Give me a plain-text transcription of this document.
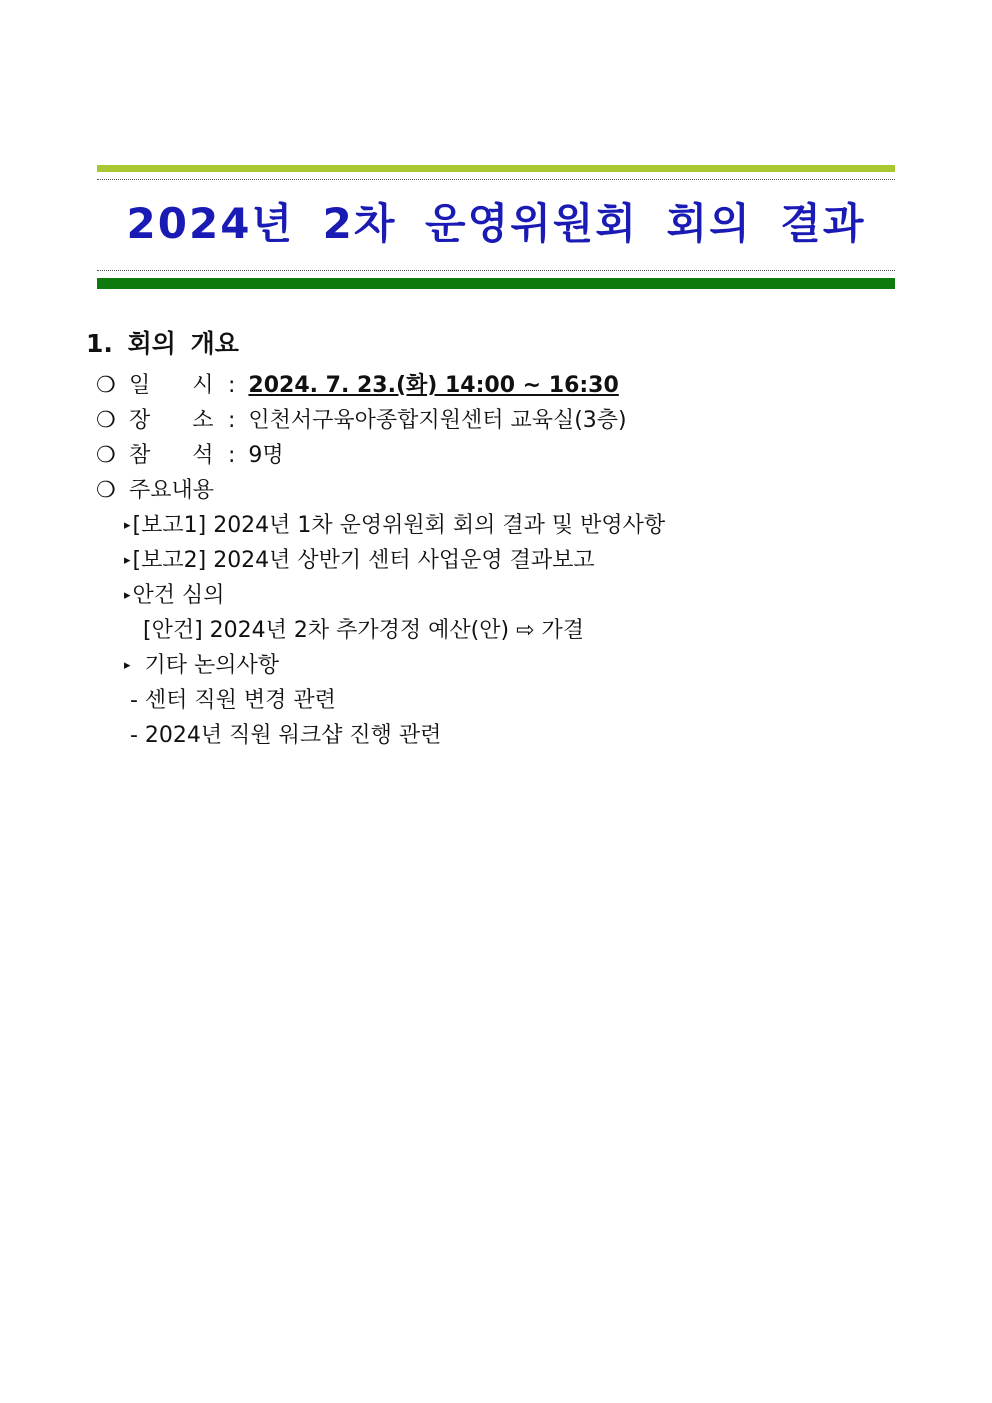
2024년 2차 운영위원회 회의 결과
1. 회의 개요
❍ 일      시 : 2024. 7. 23.(화) 14:00 ~ 16:30
❍ 장      소 : 인천서구육아종합지원센터 교육실(3층)
❍ 참      석 : 9명
❍ 주요내용
▸[보고1] 2024년 1차 운영위원회 회의 결과 및 반영사항
▸[보고2] 2024년 상반기 센터 사업운영 결과보고
▸안건 심의
[안건] 2024년 2차 추가경정 예산(안) ⇨ 가결
▸ 기타 논의사항
- 센터 직원 변경 관련
- 2024년 직원 워크샵 진행 관련
